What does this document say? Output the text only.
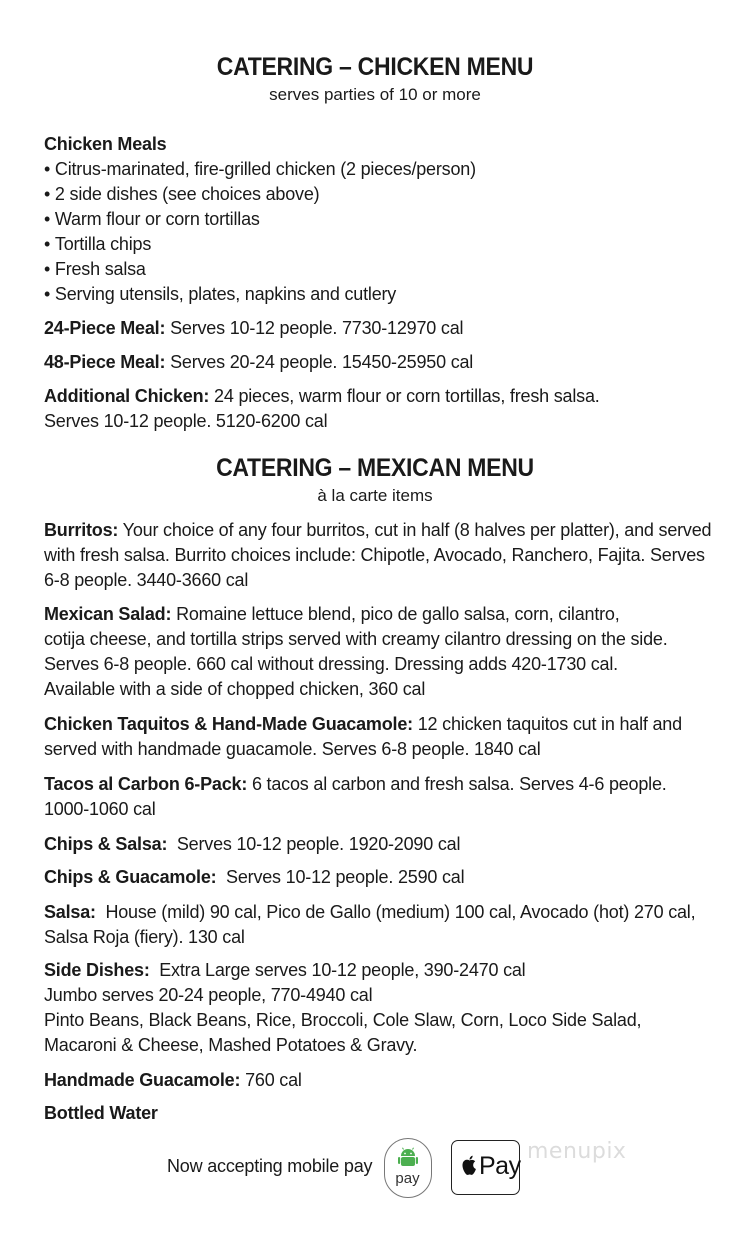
CATERING – CHICKEN MENU
serves parties of 10 or more
Chicken Meals
• Citrus-marinated, fire-grilled chicken (2 pieces/person)
• 2 side dishes (see choices above)
• Warm flour or corn tortillas
• Tortilla chips
• Fresh salsa
• Serving utensils, plates, napkins and cutlery
24-Piece Meal: Serves 10-12 people. 7730-12970 cal
48-Piece Meal: Serves 20-24 people. 15450-25950 cal
Additional Chicken: 24 pieces, warm flour or corn tortillas, fresh salsa.
Serves 10-12 people. 5120-6200 cal
CATERING – MEXICAN MENU
à la carte items
Burritos: Your choice of any four burritos, cut in half (8 halves per platter), and served
with fresh salsa. Burrito choices include: Chipotle, Avocado, Ranchero, Fajita. Serves
6-8 people. 3440-3660 cal
Mexican Salad: Romaine lettuce blend, pico de gallo salsa, corn, cilantro,
cotija cheese, and tortilla strips served with creamy cilantro dressing on the side.
Serves 6-8 people. 660 cal without dressing. Dressing adds 420-1730 cal.
Available with a side of chopped chicken, 360 cal
Chicken Taquitos & Hand-Made Guacamole: 12 chicken taquitos cut in half and
served with handmade guacamole. Serves 6-8 people. 1840 cal
Tacos al Carbon 6-Pack: 6 tacos al carbon and fresh salsa. Serves 4-6 people.
1000-1060 cal
Chips & Salsa:  Serves 10-12 people. 1920-2090 cal
Chips & Guacamole:  Serves 10-12 people. 2590 cal
Salsa:  House (mild) 90 cal, Pico de Gallo (medium) 100 cal, Avocado (hot) 270 cal,
Salsa Roja (fiery). 130 cal
Side Dishes:  Extra Large serves 10-12 people, 390-2470 cal
Jumbo serves 20-24 people, 770-4940 cal
Pinto Beans, Black Beans, Rice, Broccoli, Cole Slaw, Corn, Loco Side Salad,
Macaroni & Cheese, Mashed Potatoes & Gravy.
Handmade Guacamole: 760 cal
Bottled Water
Now accepting mobile pay
pay	Pay
menupix
